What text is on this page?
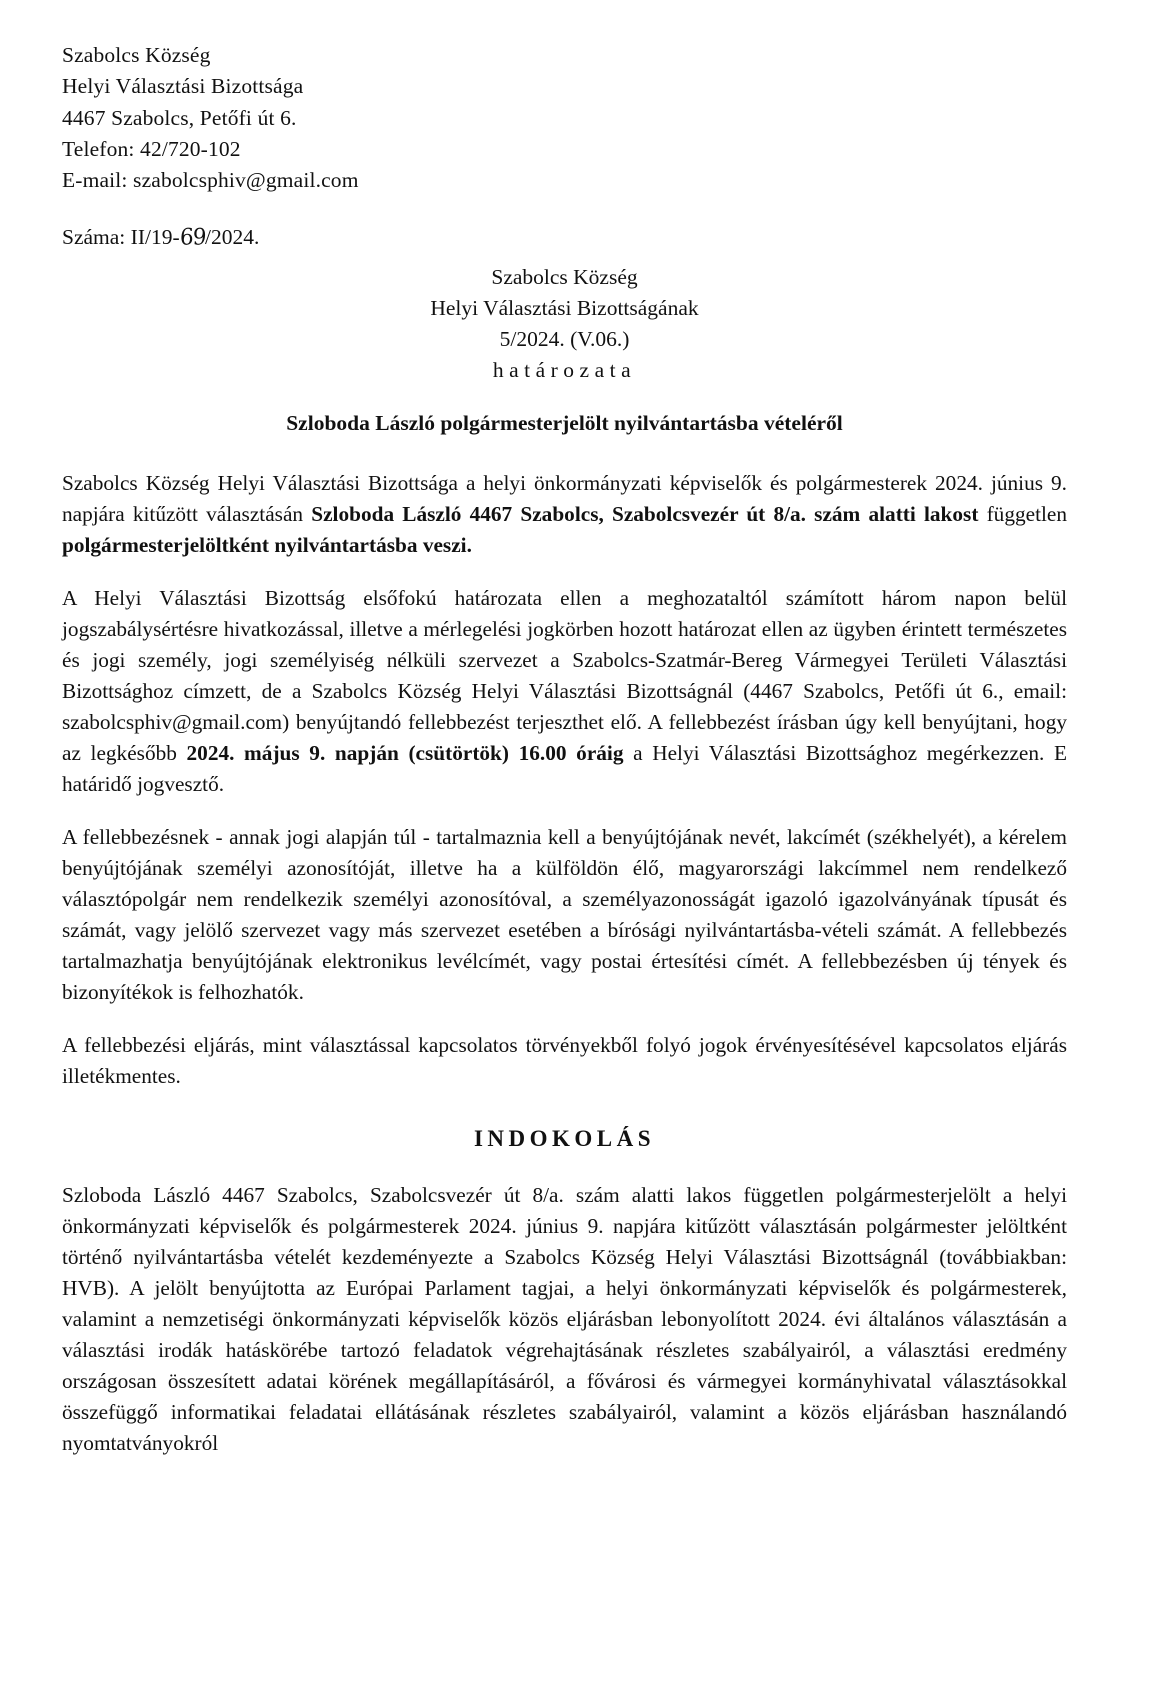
Szabolcs Község
Helyi Választási Bizottsága
4467 Szabolcs, Petőfi út 6.
Telefon: 42/720-102
E-mail: szabolcsphiv@gmail.com
Száma: II/19-69/2024.
Szabolcs Község
Helyi Választási Bizottságának
5/2024. (V.06.)
határozata
Szloboda László polgármesterjelölt nyilvántartásba vételéről

Szabolcs Község Helyi Választási Bizottsága a helyi önkormányzati képviselők és polgármesterek 2024. június 9. napjára kitűzött választásán Szloboda László 4467 Szabolcs, Szabolcsvezér út 8/a. szám alatti lakost független polgármesterjelöltként nyilvántartásba veszi.

A Helyi Választási Bizottság elsőfokú határozata ellen a meghozataltól számított három napon belül jogszabálysértésre hivatkozással, illetve a mérlegelési jogkörben hozott határozat ellen az ügyben érintett természetes és jogi személy, jogi személyiség nélküli szervezet a Szabolcs-Szatmár-Bereg Vármegyei Területi Választási Bizottsághoz címzett, de a Szabolcs Község Helyi Választási Bizottságnál (4467 Szabolcs, Petőfi út 6., email: szabolcsphiv@gmail.com) benyújtandó fellebbezést terjeszthet elő. A fellebbezést írásban úgy kell benyújtani, hogy az legkésőbb 2024. május 9. napján (csütörtök) 16.00 óráig a Helyi Választási Bizottsághoz megérkezzen. E határidő jogvesztő.

A fellebbezésnek - annak jogi alapján túl - tartalmaznia kell a benyújtójának nevét, lakcímét (székhelyét), a kérelem benyújtójának személyi azonosítóját, illetve ha a külföldön élő, magyarországi lakcímmel nem rendelkező választópolgár nem rendelkezik személyi azonosítóval, a személyazonosságát igazoló igazolványának típusát és számát, vagy jelölő szervezet vagy más szervezet esetében a bírósági nyilvántartásba-vételi számát. A fellebbezés tartalmazhatja benyújtójának elektronikus levélcímét, vagy postai értesítési címét. A fellebbezésben új tények és bizonyítékok is felhozhatók.

A fellebbezési eljárás, mint választással kapcsolatos törvényekből folyó jogok érvényesítésével kapcsolatos eljárás illetékmentes.

INDOKOLÁS

Szloboda László 4467 Szabolcs, Szabolcsvezér út 8/a. szám alatti lakos független polgármesterjelölt a helyi önkormányzati képviselők és polgármesterek 2024. június 9. napjára kitűzött választásán polgármester jelöltként történő nyilvántartásba vételét kezdeményezte a Szabolcs Község Helyi Választási Bizottságnál (továbbiakban: HVB). A jelölt benyújtotta az Európai Parlament tagjai, a helyi önkormányzati képviselők és polgármesterek, valamint a nemzetiségi önkormányzati képviselők közös eljárásban lebonyolított 2024. évi általános választásán a választási irodák hatáskörébe tartozó feladatok végrehajtásának részletes szabályairól, a választási eredmény országosan összesített adatai körének megállapításáról, a fővárosi és vármegyei kormányhivatal választásokkal összefüggő informatikai feladatai ellátásának részletes szabályairól, valamint a közös eljárásban használandó nyomtatványokról
